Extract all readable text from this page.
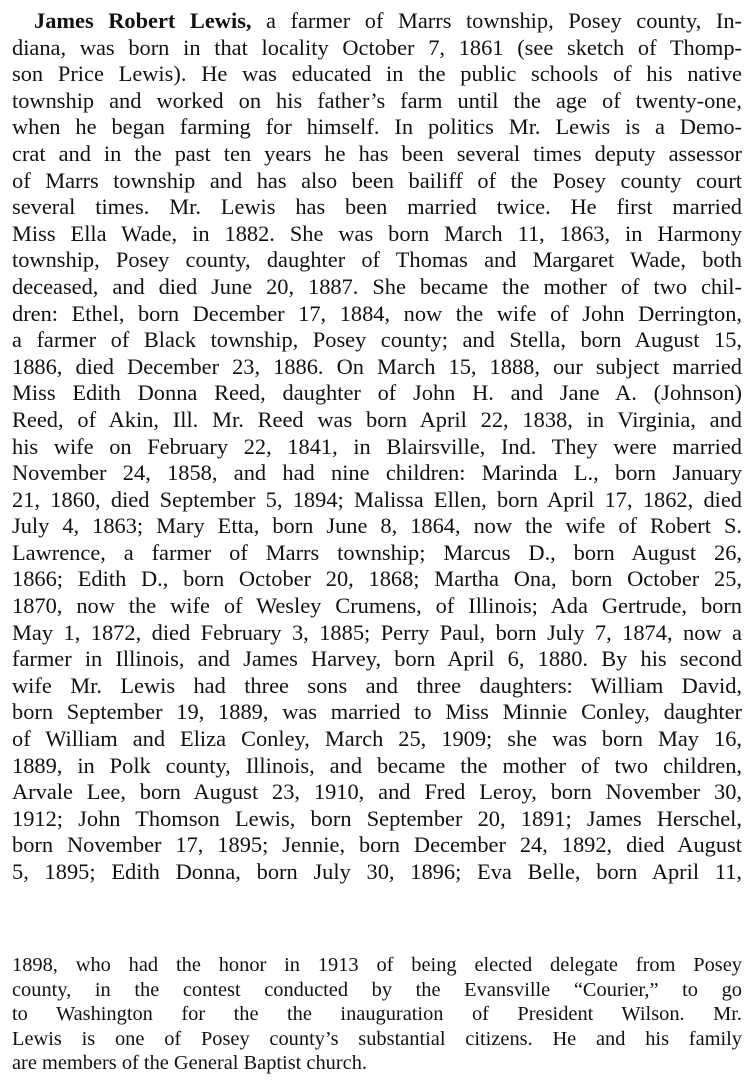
James Robert Lewis, a farmer of Marrs township, Posey county, In-
diana, was born in that locality October 7, 1861 (see sketch of Thomp-
son Price Lewis). He was educated in the public schools of his native
township and worked on his father’s farm until the age of twenty-one,
when he began farming for himself. In politics Mr. Lewis is a Demo-
crat and in the past ten years he has been several times deputy assessor
of Marrs township and has also been bailiff of the Posey county court
several times. Mr. Lewis has been married twice. He first married
Miss Ella Wade, in 1882. She was born March 11, 1863, in Harmony
township, Posey county, daughter of Thomas and Margaret Wade, both
deceased, and died June 20, 1887. She became the mother of two chil-
dren: Ethel, born December 17, 1884, now the wife of John Derrington,
a farmer of Black township, Posey county; and Stella, born August 15,
1886, died December 23, 1886. On March 15, 1888, our subject married
Miss Edith Donna Reed, daughter of John H. and Jane A. (Johnson)
Reed, of Akin, Ill. Mr. Reed was born April 22, 1838, in Virginia, and
his wife on February 22, 1841, in Blairsville, Ind. They were married
November 24, 1858, and had nine children: Marinda L., born January
21, 1860, died September 5, 1894; Malissa Ellen, born April 17, 1862, died
July 4, 1863; Mary Etta, born June 8, 1864, now the wife of Robert S.
Lawrence, a farmer of Marrs township; Marcus D., born August 26,
1866; Edith D., born October 20, 1868; Martha Ona, born October 25,
1870, now the wife of Wesley Crumens, of Illinois; Ada Gertrude, born
May 1, 1872, died February 3, 1885; Perry Paul, born July 7, 1874, now a
farmer in Illinois, and James Harvey, born April 6, 1880. By his second
wife Mr. Lewis had three sons and three daughters: William David,
born September 19, 1889, was married to Miss Minnie Conley, daughter
of William and Eliza Conley, March 25, 1909; she was born May 16,
1889, in Polk county, Illinois, and became the mother of two children,
Arvale Lee, born August 23, 1910, and Fred Leroy, born November 30,
1912; John Thomson Lewis, born September 20, 1891; James Herschel,
born November 17, 1895; Jennie, born December 24, 1892, died August
5, 1895; Edith Donna, born July 30, 1896; Eva Belle, born April 11,
1898, who had the honor in 1913 of being elected delegate from Posey
county, in the contest conducted by the Evansville “Courier,” to go
to Washington for the the inauguration of President Wilson. Mr.
Lewis is one of Posey county’s substantial citizens. He and his family
are members of the General Baptist church.
